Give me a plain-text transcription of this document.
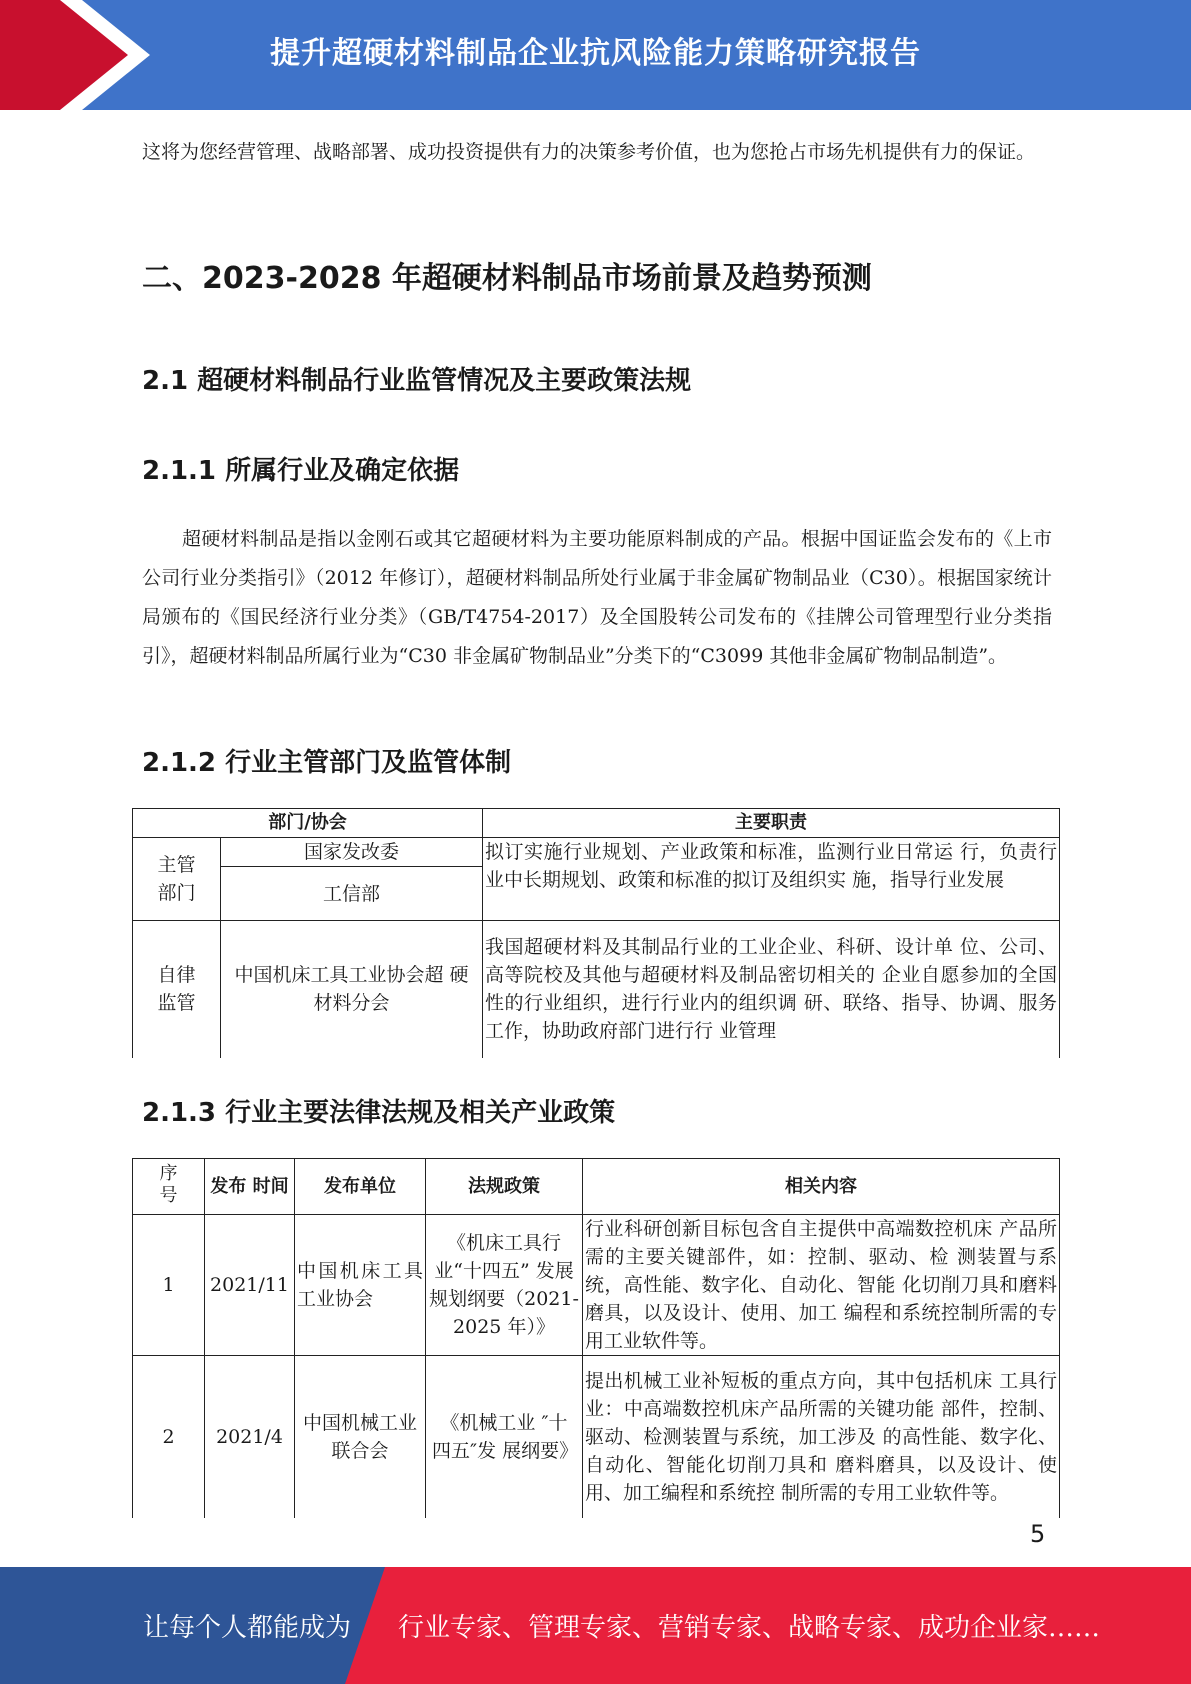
提升超硬材料制品企业抗风险能力策略研究报告

这将为您经营管理、战略部署、成功投资提供有力的决策参考价值，也为您抢占市场先机提供有力的保证。

二、2023-2028 年超硬材料制品市场前景及趋势预测
2.1 超硬材料制品行业监管情况及主要政策法规
2.1.1 所属行业及确定依据

超硬材料制品是指以金刚石或其它超硬材料为主要功能原料制成的产品。根据中国证监会发布的《上市公司行业分类指引》（2012 年修订），超硬材料制品所处行业属于非金属矿物制品业（C30）。根据国家统计局颁布的《国民经济行业分类》（GB/T4754-2017）及全国股转公司发布的《挂牌公司管理型行业分类指引》，超硬材料制品所属行业为“C30 非金属矿物制品业”分类下的“C3099 其他非金属矿物制品制造”。

2.1.2 行业主管部门及监管体制
部门/协会		主要职责
主管部门	国家发改委	拟订实施行业规划、产业政策和标准，监测行业日常运 行，负责行业中长期规划、政策和标准的拟订及组织实 施，指导行业发展
	工信部	
自律监管	中国机床工具工业协会超 硬材料分会	我国超硬材料及其制品行业的工业企业、科研、设计单 位、公司、高等院校及其他与超硬材料及制品密切相关的 企业自愿参加的全国性的行业组织，进行行业内的组织调 研、联络、指导、协调、服务工作，协助政府部门进行行 业管理
2.1.3 行业主要法律法规及相关产业政策
序号	发布 时间	发布单位	法规政策	相关内容
1	2021/11	中国机床工具工业协会	《机床工具行 业“十四五” 发展规划纲要（2021-2025 年）》	行业科研创新目标包含自主提供中高端数控机床 产品所需的主要关键部件，如：控制、驱动、检 测装置与系统，高性能、数字化、自动化、智能 化切削刀具和磨料磨具，以及设计、使用、加工 编程和系统控制所需的专用工业软件等。
2	2021/4	中国机械工业联合会	《机械工业 ″十四五″发 展纲要》	提出机械工业补短板的重点方向，其中包括机床 工具行业：中高端数控机床产品所需的关键功能 部件，控制、驱动、检测装置与系统，加工涉及 的高性能、数字化、自动化、智能化切削刀具和 磨料磨具，以及设计、使用、加工编程和系统控 制所需的专用工业软件等。
5
让每个人都能成为 行业专家、管理专家、营销专家、战略专家、成功企业家……
